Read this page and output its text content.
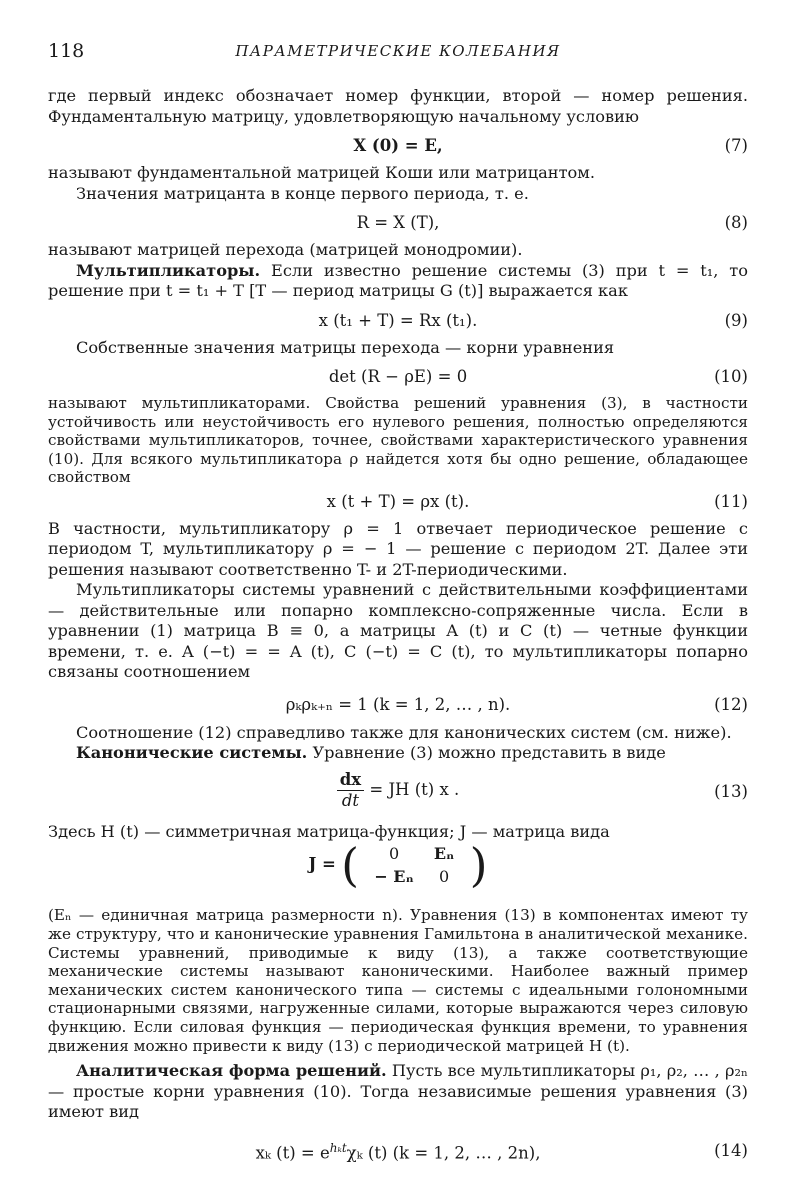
118	ПАРАМЕТРИЧЕСКИЕ КОЛЕБАНИЯ

где первый индекс обозначает номер функции, второй — номер решения. Фундаментальную матрицу, удовлетворяющую начальному условию

X (0) = E,	(7)

называют фундаментальной матрицей Коши или матрицантом.

Значения матрицанта в конце первого периода, т. е.

R = X (T),	(8)

называют матрицей перехода (матрицей монодромии).

Мультипликаторы. Если известно решение системы (3) при t = t₁, то решение при t = t₁ + T [T — период матрицы G (t)] выражается как

x (t₁ + T) = Rx (t₁).	(9)

Собственные значения матрицы перехода — корни уравнения

det (R − ρE) = 0	(10)

называют мультипликаторами. Свойства решений уравнения (3), в частности устойчивость или неустойчивость его нулевого решения, полностью определяются свойствами мультипликаторов, точнее, свойствами характеристического уравнения (10). Для всякого мультипликатора ρ найдется хотя бы одно решение, обладающее свойством

x (t + T) = ρx (t).	(11)

В частности, мультипликатору ρ = 1 отвечает периодическое решение с периодом T, мультипликатору ρ = − 1 — решение с периодом 2T. Далее эти решения называют соответственно T- и 2T-периодическими.

Мультипликаторы системы уравнений с действительными коэффициентами — действительные или попарно комплексно-сопряженные числа. Если в уравнении (1) матрица B ≡ 0, а матрицы A (t) и C (t) — четные функции времени, т. е. A (−t) = = A (t), C (−t) = C (t), то мультипликаторы попарно связаны соотношением

ρₖρₖ₊ₙ = 1 (k = 1, 2, … , n).	(12)

Соотношение (12) справедливо также для канонических систем (см. ниже).

Канонические системы. Уравнение (3) можно представить в виде

$\frac{dx}{dt}$ = JH (t) x .	(13)

Здесь H (t) — симметричная матрица-функция; J — матрица вида

J = ( 0	Eₙ
− Eₙ	0 )

(Eₙ — единичная матрица размерности n). Уравнения (13) в компонентах имеют ту же структуру, что и канонические уравнения Гамильтона в аналитической механике. Системы уравнений, приводимые к виду (13), а также соответствующие механические системы называют каноническими. Наиболее важный пример механических систем канонического типа — системы с идеальными голономными стационарными связями, нагруженные силами, которые выражаются через силовую функцию. Если силовая функция — периодическая функция времени, то уравнения движения можно привести к виду (13) с периодической матрицей H (t).

Аналитическая форма решений. Пусть все мультипликаторы ρ₁, ρ₂, … , ρ₂ₙ — простые корни уравнения (10). Тогда независимые решения уравнения (3) имеют вид

xₖ $(t) = e^{h_kt}\chi_k$ (t) (k = 1, 2, … , 2n),	(14)
